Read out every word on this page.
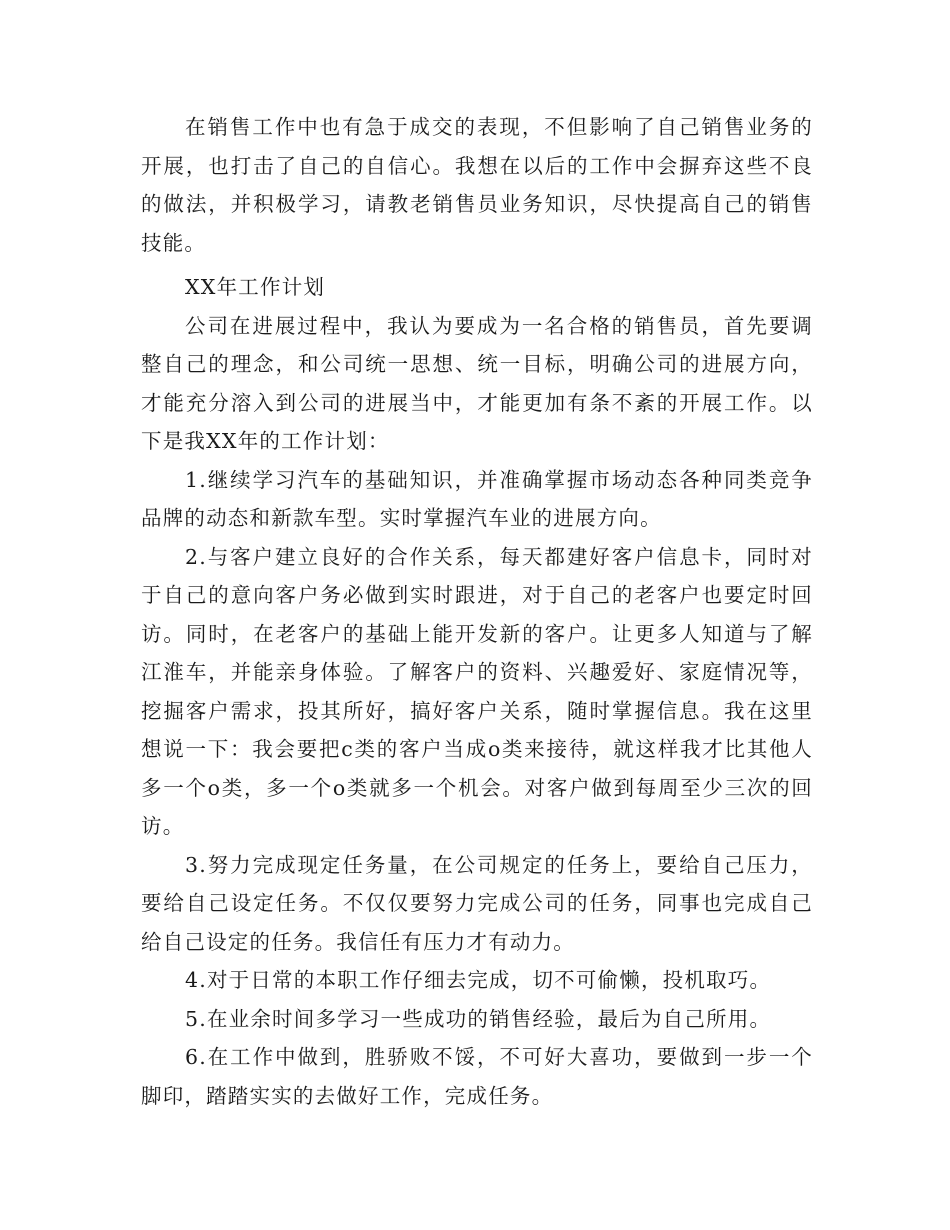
在销售工作中也有急于成交的表现，不但影响了自己销售业务的开展，也打击了自己的自信心。我想在以后的工作中会摒弃这些不良的做法，并积极学习，请教老销售员业务知识，尽快提高自己的销售技能。

XX年工作计划

公司在进展过程中，我认为要成为一名合格的销售员，首先要调整自己的理念，和公司统一思想、统一目标，明确公司的进展方向，才能充分溶入到公司的进展当中，才能更加有条不紊的开展工作。以下是我XX年的工作计划：

1.继续学习汽车的基础知识，并准确掌握市场动态各种同类竞争品牌的动态和新款车型。实时掌握汽车业的进展方向。

2.与客户建立良好的合作关系，每天都建好客户信息卡，同时对于自己的意向客户务必做到实时跟进，对于自己的老客户也要定时回访。同时，在老客户的基础上能开发新的客户。让更多人知道与了解江淮车，并能亲身体验。了解客户的资料、兴趣爱好、家庭情况等，挖掘客户需求，投其所好，搞好客户关系，随时掌握信息。我在这里想说一下：我会要把c类的客户当成o类来接待，就这样我才比其他人多一个o类，多一个o类就多一个机会。对客户做到每周至少三次的回访。

3.努力完成现定任务量，在公司规定的任务上，要给自己压力，要给自己设定任务。不仅仅要努力完成公司的任务，同事也完成自己给自己设定的任务。我信任有压力才有动力。

4.对于日常的本职工作仔细去完成，切不可偷懒，投机取巧。

5.在业余时间多学习一些成功的销售经验，最后为自己所用。

6.在工作中做到，胜骄败不馁，不可好大喜功，要做到一步一个脚印，踏踏实实的去做好工作，完成任务。
